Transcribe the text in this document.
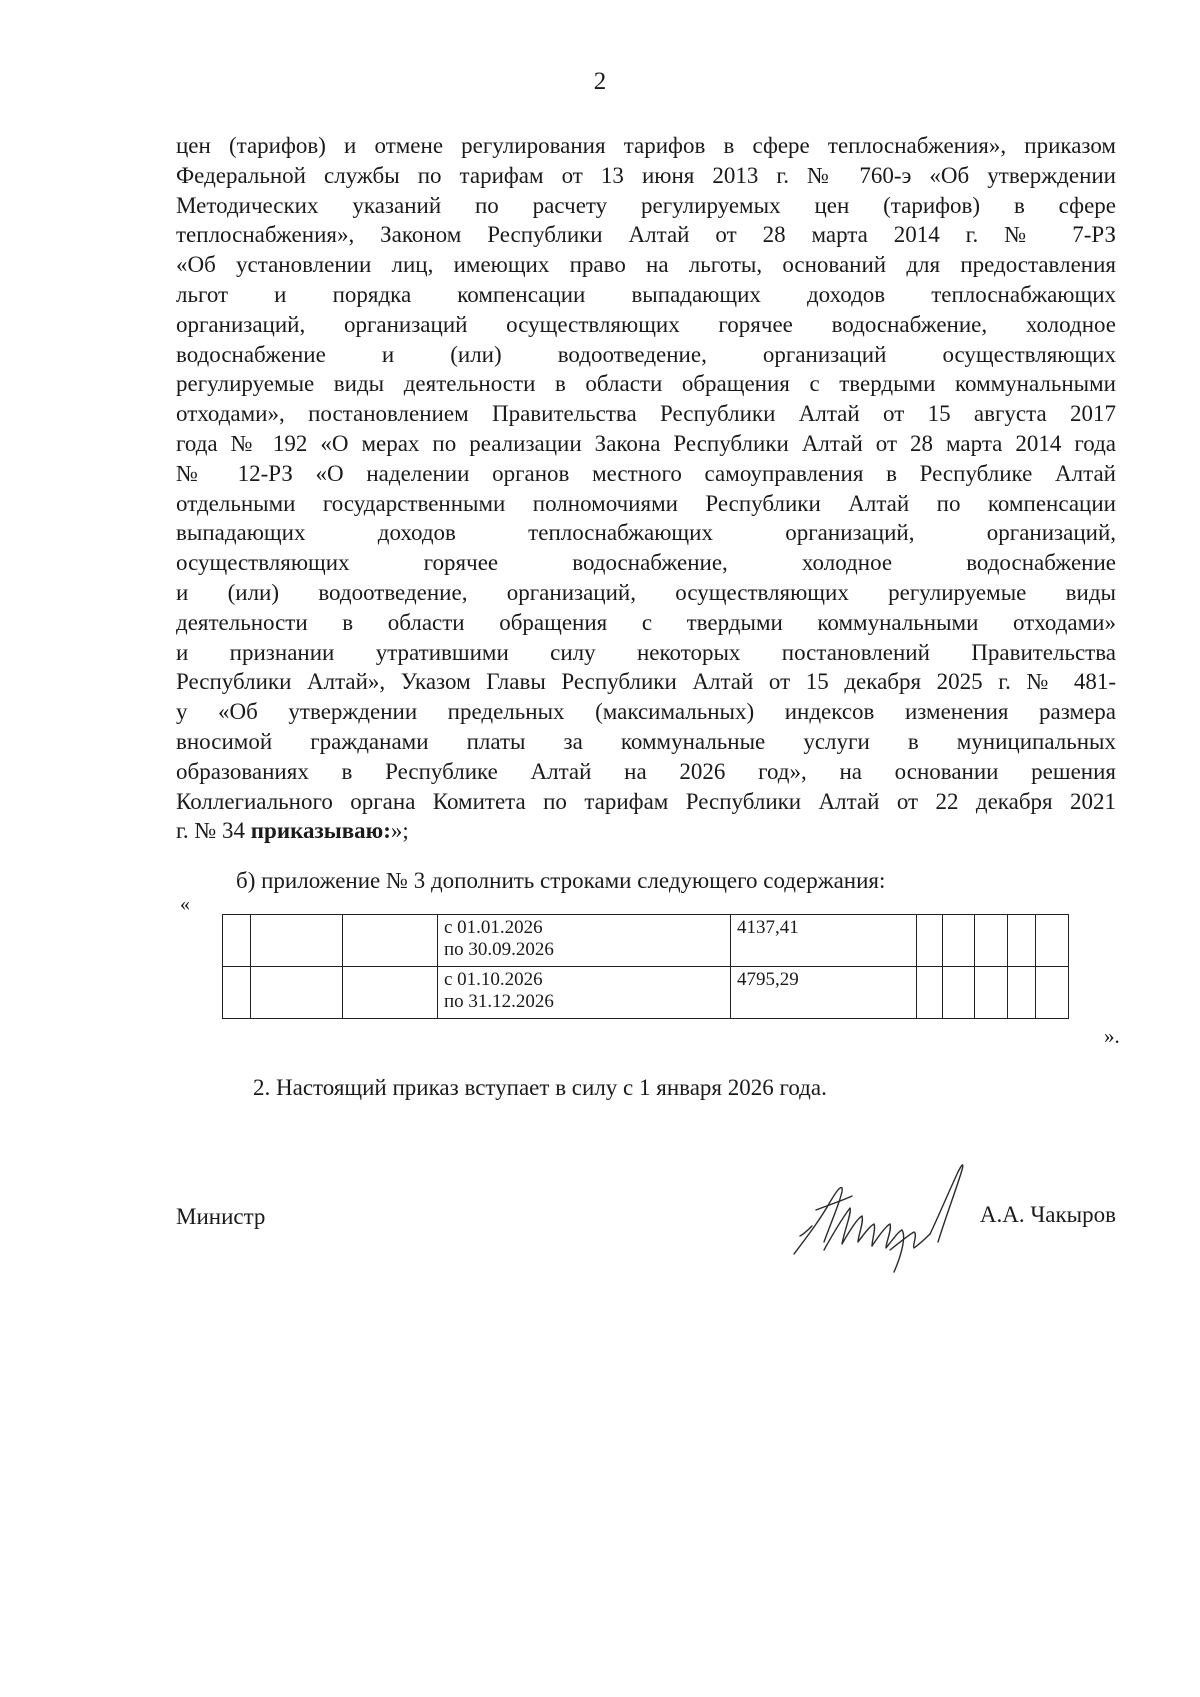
2
цен (тарифов) и отмене регулирования тарифов в сфере теплоснабжения», приказом
Федеральной службы по тарифам от 13 июня 2013 г. № 760-э «Об утверждении
Методических указаний по расчету регулируемых цен (тарифов) в сфере
теплоснабжения», Законом Республики Алтай от 28 марта 2014 г. № 7-РЗ
«Об установлении лиц, имеющих право на льготы, оснований для предоставления
льгот и порядка компенсации выпадающих доходов теплоснабжающих
организаций, организаций осуществляющих горячее водоснабжение, холодное
водоснабжение и (или) водоотведение, организаций осуществляющих
регулируемые виды деятельности в области обращения с твердыми коммунальными
отходами», постановлением Правительства Республики Алтай от 15 августа 2017
года № 192 «О мерах по реализации Закона Республики Алтай от 28 марта 2014 года
№ 12-РЗ «О наделении органов местного самоуправления в Республике Алтай
отдельными государственными полномочиями Республики Алтай по компенсации
выпадающих доходов теплоснабжающих организаций, организаций,
осуществляющих горячее водоснабжение, холодное водоснабжение
и (или) водоотведение, организаций, осуществляющих регулируемые виды
деятельности в области обращения с твердыми коммунальными отходами»
и признании утратившими силу некоторых постановлений Правительства
Республики Алтай», Указом Главы Республики Алтай от 15 декабря 2025 г. № 481-
у «Об утверждении предельных (максимальных) индексов изменения размера
вносимой гражданами платы за коммунальные услуги в муниципальных
образованиях в Республике Алтай на 2026 год», на основании решения
Коллегиального органа Комитета по тарифам Республики Алтай от 22 декабря 2021
г. № 34 приказываю:»;
б) приложение № 3 дополнить строками следующего содержания:
«
			с 01.01.2026
по 30.09.2026	4137,41					
			с 01.10.2026
по 31.12.2026	4795,29					
».
2. Настоящий приказ вступает в силу с 1 января 2026 года.
Министр	А.А. Чакыров
